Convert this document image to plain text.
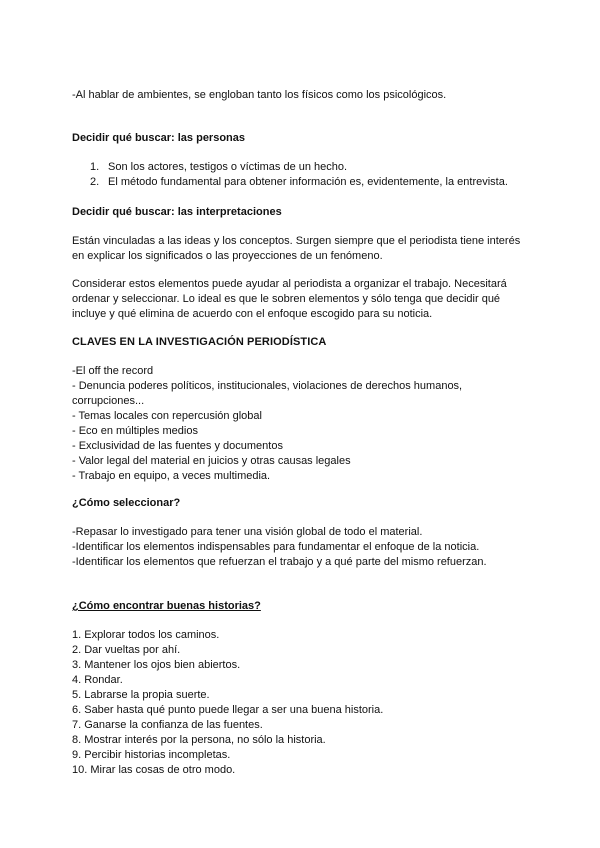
-Al hablar de ambientes, se engloban tanto los físicos como los psicológicos.

Decidir qué buscar: las personas

1. Son los actores, testigos o víctimas de un hecho.
2. El método fundamental para obtener información es, evidentemente, la entrevista.

Decidir qué buscar: las interpretaciones

Están vinculadas a las ideas y los conceptos. Surgen siempre que el periodista tiene interés
en explicar los significados o las proyecciones de un fenómeno.
Considerar estos elementos puede ayudar al periodista a organizar el trabajo. Necesitará
ordenar y seleccionar. Lo ideal es que le sobren elementos y sólo tenga que decidir qué
incluye y qué elimina de acuerdo con el enfoque escogido para su noticia.

CLAVES EN LA INVESTIGACIÓN PERIODÍSTICA

-El off the record
- Denuncia poderes políticos, institucionales, violaciones de derechos humanos,
corrupciones...
- Temas locales con repercusión global
- Eco en múltiples medios
- Exclusividad de las fuentes y documentos
- Valor legal del material en juicios y otras causas legales
- Trabajo en equipo, a veces multimedia.

¿Cómo seleccionar?

-Repasar lo investigado para tener una visión global de todo el material.
-Identificar los elementos indispensables para fundamentar el enfoque de la noticia.
-Identificar los elementos que refuerzan el trabajo y a qué parte del mismo refuerzan.

¿Cómo encontrar buenas historias?

1. Explorar todos los caminos.
2. Dar vueltas por ahí.
3. Mantener los ojos bien abiertos.
4. Rondar.
5. Labrarse la propia suerte.
6. Saber hasta qué punto puede llegar a ser una buena historia.
7. Ganarse la confianza de las fuentes.
8. Mostrar interés por la persona, no sólo la historia.
9. Percibir historias incompletas.
10. Mirar las cosas de otro modo.
